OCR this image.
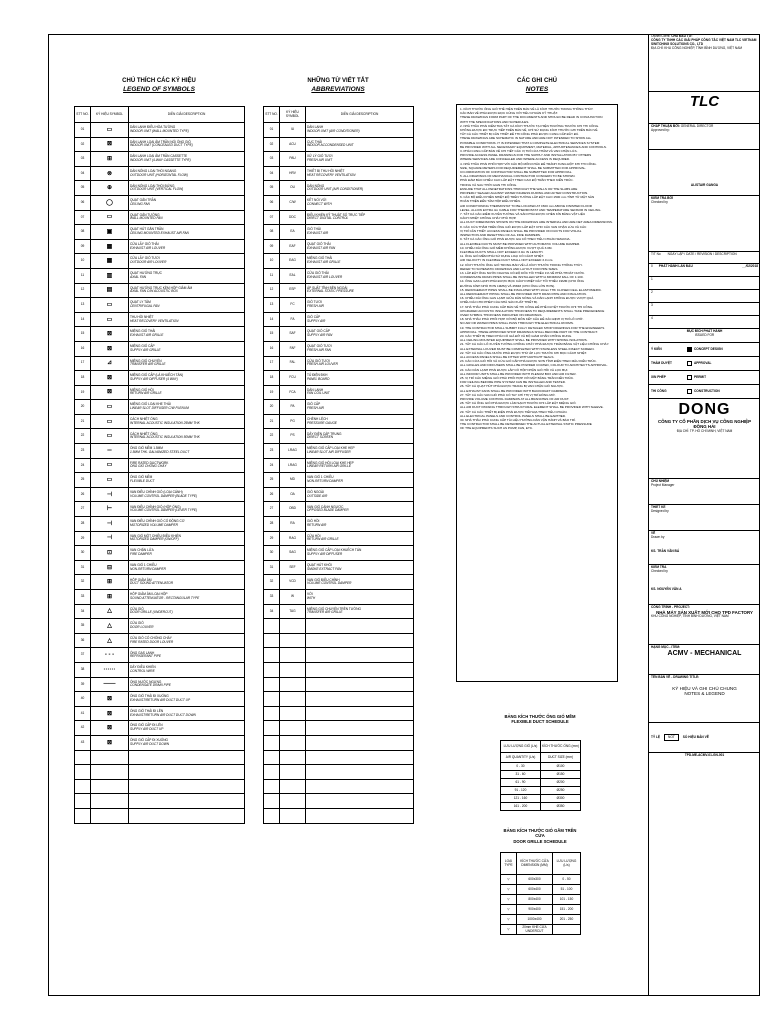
CHÚ THÍCH CÁC KÝ HIỆU
LEGEND OF SYMBOLS
STT NO.	KÝ HIỆU SYMBOL	DIỄN GIẢI DESCRIPTION
01	▭	DÀN LẠNH ĐIỀU HÒA TƯỜNG
INDOOR UNIT (WALL MOUNTED TYPE)

02	⊠	DÀN LẠNH LOẠI ÂM TRẦN NỐI ỐNG GIÓ
INDOOR UNIT (CONCEALED DUCT TYPE)

03	⊞	DÀN LẠNH LOẠI ÂM TRẦN CASSETTE
INDOOR UNIT (4-WAY CASSETTE TYPE)

04	⊗	DÀN NÓNG LOẠI THỔI NGANG
OUTDOOR UNIT (HORIZONTAL FLOW)

05	⊕	DÀN NÓNG LOẠI THỔI ĐỨNG
OUTDOOR UNIT (VERTICAL FLOW)

06	◯	QUẠT GẮN TRẦN
CEILING FAN

07	▭	QUẠT GẮN TƯỜNG
WALL MOUNTED FAN

08	▣	QUẠT HÚT GẮN TRẦN
CEILING MOUNTED EXHAUST AIR FAN

09	▦	CỬA LẤY GIÓ THẢI
EXHAUST AIR LOUVER

10	▦	CỬA LẤY GIÓ TƯƠI
OUTDOOR AIR LOUVER

11	▥	QUẠT HƯỚNG TRỤC
AXIAL FAN

12	▤	QUẠT HƯỚNG TRỤC KÈM HỘP GIẢM ÂM
AXIAL FAN C/W ACOUSTIC BOX

13	▭	QUẠT LY TÂM
CENTRIFUGAL FAN

14	▭	THU HỒI NHIỆT
HEAT RECOVERY VENTILATION

15	⊠	MIỆNG GIÓ THẢI
EXHAUST AIR GRILLE

16	⊠	MIỆNG GIÓ CẤP
SUPPLY AIR GRILLE

17	⊿	MIỆNG GIÓ CHUYỂN
TRANSFER AIR GRILLE

18	⊠	MIỆNG GIÓ CẤP (LÁ KHUẾCH TÁN)
SUPPLY AIR DIFFUSER (4 WAY)

19	⊠	MIỆNG GIÓ HỒI
RETURN AIR GRILLE

20	▭	MIỆNG GIÓ LOẠI KHE THẢI
LINEAR SLOT DIFFUSER C/W PLENUM

21	▭	CÁCH NHIỆT ỐNG
INTERNAL ACOUSTIC INSULATION 25MM THK

22	▭	CÁCH NHIỆT ỐNG
INTERNAL ACOUSTIC INSULATION 50MM THK

23	═	ỐNG GIÓ MỀM 1.5MM
1.5MM THK. GALVANIZED STEEL DUCT

24	▭	FIRE RATED DUCTWORK
ỐNG GIÓ CHỐNG CHÁY

25	▭	ỐNG GIÓ MỀM
FLEXIBLE DUCT

26	⊣	VAN ĐIỀU CHỈNH GIÓ (LOẠI CÁNH)
VOLUME CONTROL DAMPER (BLADE TYPE)

27	⊢	VAN ĐIỀU CHỈNH GIÓ (HỘP ỐNG)
VOLUME CONTROL DAMPER (LEVER TYPE)

28	⊣	VAN ĐIỀU CHỈNH GIÓ CÓ ĐỘNG CƠ
MOTORIZED VOLUME DAMPER

29	⊣	VAN GIÓ MỘT CHIỀU ĐIỀU KHIỂN
MOTORIZED DAMPER (ON/OFF)

30	⊡	VAN CHẶN LỬA
FIRE DAMPER

31	⊟	VAN GIÓ 1 CHIỀU
NON-RETURN DAMPER

32	⊞	HỘP GIẢM ÂM
DUCT SOUND ATTENUATOR

33	⊞	HỘP GIẢM ÂM LOẠI HỘP
SOUND ATTENUATOR - RECTANGULAR TYPE

34	△	CỬA GIÓ
DOOR GRILLE (UNDERCUT)

35	△	CỬA GIÓ
DOOR LOUVER

36	△	CỬA GIÓ CÓ CHỐNG CHÁY
FIRE RATED DOOR LOUVER

37	- - -	ỐNG GAS LẠNH
REFRIGERANT PIPE

38	······	DÂY ĐIỀU KHIỂN
CONTROL WIRE

39	——	ỐNG NƯỚC NGƯNG
CONDENSATE DRAIN PIPE

40	⊠	ỐNG GIÓ THẢI ĐI XUỐNG
EXHAUST/RETURN AIR DUCT DUCT UP

41	⊠	ỐNG GIÓ THẢI ĐI LÊN
EXHAUST/RETURN AIR DUCT DUCT DOWN

42	⊠	ỐNG GIÓ CẤP ĐI LÊN
SUPPLY AIR DUCT UP

43	⊠	ỐNG GIÓ CẤP ĐI XUỐNG
SUPPLY AIR DUCT DOWN

NHỮNG TỪ VIẾT TẮT
ABBREVIATIONS
STT NO.	KÝ HIỆU SYMBOL	DIỄN GIẢI DESCRIPTION
01	IU	DÀN LẠNH
INDOOR UNIT (AIR CONDITIONER)

02	ACU	CỤC THẢI
INDOOR ACCONDENSED UNIT

03	PAU	XỬ LÝ GIÓ TƯƠI
FRESH AIR UNIT

04	HRV	THIẾT BỊ THU HỒI NHIỆT
HEAT RECOVERY VENTILATION

05	OU	DÀN NÓNG
OUTDOOR UNIT (AIR CONDITIONER)

06	C/W	KẾT NỐI VỚI
CONNECT WITH

07	DDC	ĐIỀU KHIỂN KỸ THUẬT SỐ TRỰC TIẾP
DIRECT DIGITAL CONTROL

08	EA	GIÓ THẢI
EXHAUST AIR

09	EAF	QUẠT GIÓ THẢI
EXHAUST AIR FAN

10	EAG	MIỆNG GIÓ THẢI
EXHAUST AIR GRILLE

11	EAL	CỬA GIÓ THẢI
EXHAUST AIR LOUVER

12	ESP	ÁP SUẤT TĨNH BÊN NGOÀI
EXTERNAL STATIC PRESSURE

13	FC	GIÓ TƯƠI
FRESH AIR

14	FA	GIÓ CẤP
SUPPLY AIR

15	SAF	QUẠT GIÓ CẤP
SUPPLY AIR FAN

16	FAF	QUẠT GIÓ TƯƠI
FRESH AIR FAN

17	FAL	CỬA GIÓ TƯƠI
FRESH AIR LOUVER

18	FCU	TỦ ĐIỆN ĐKH
PANEL BOARD

19	FCA	DÀN LẠNH
FAN COIL UNIT

20	PA	GIÓ CẤP
FRESH AIR

21	PG	CHÊNH LỆCH
PRESSURE GAUGE

22	PS	DÂY ĐIỆN CÁP TRUNG
DIRECT SCREEN

23	LRAG	MIỆNG GIÓ CẤP LOẠI KHE HẸP
LINEAR SLOT AIR DIFFUSER

24	LRAG	MIỆNG GIÓ HỒI LOẠI KHE HẸP
LINEAR RETURN AIR GRILLE

25	MD	VAN GIÓ 1 CHIỀU
NON-RETURN DAMPER

26	OA	GIÓ NGOÀI
OUTSIDE AIR

27	OBD	VAN GIÓ CÁNH NGƯỢC
OPPOSED BLADE DAMPER

28	RA	GIÓ HỒI
RETURN AIR

29	RAG	CỬA HỒI
RETURN AIR GRILLE

30	SAG	MIỆNG GIÓ CẤP LOẠI KHUẾCH TÁN
SUPPLY AIR DIFFUSER

31	SEF	QUẠT HÚT KHÓI
SMOKE EXTRACT FAN

32	VCD	VAN GIÓ ĐIỀU CHỈNH
VOLUME CONTROL DAMPER

33	W	VỚI
WITH

34	TAG	MIỆNG GIÓ CHUYỂN TRÊN TƯỜNG
TRANSFER AIR GRILLE

CÁC GHI CHÚ
NOTES
1. KÍCH THƯỚC ỐNG GIÓ THỂ HIỆN TRÊN BẢN VẼ LÀ KÍCH THƯỚC TRONG THÔNG THỦY.
CÁC BẢN VẼ PHẢI ĐƯỢC ĐỌC CÙNG VỚI TIÊU CHUẨN KỸ THUẬT.
THESE DRAWINGS FORM PART OF THE DOCUMENTS AND SHOULD BE READ IN CONJUNCTION
WITH THE SPECIFICATIONS AND SCHEDULES.
2. NHÀ THẦU PHẢI KIỂM TRA TẤT CẢ KÍCH THƯỚC TẠI HIỆN TRƯỜNG TRƯỚC KHI THI CÔNG.
KHÔNG ĐƯỢC ĐO TRỰC TIẾP TRÊN BẢN VẼ, CHỈ SỬ DỤNG KÍCH THƯỚC GHI TRÊN BẢN VẼ.
TẤT CẢ CÁC THIẾT BỊ CẦN THIẾT ĐỂ THI CÔNG PHẢI ĐƯỢC CUNG CẤP ĐẦY ĐỦ.
THESE DRAWINGS ARE SCHEMATIC IN NATURE AND ARE NOT INTENDED TO SHOW ALL
POSSIBLE CONDITIONS. IT IS INTENDED THAT A COMPLETE ELECTRICAL SERVICES SYSTEM
BE PROVIDED WITH ALL NECESSARY EQUIPMENT, MATERIAL, APPURTENANCES AND CONTROLS.
3. PHẢI CUNG CẤP BẢN VẼ CHI TIẾT CÁC VỊ TRÍ CỬA THĂM VÀ VAN CHẶN LỬA.
PROVIDE ACCESS PANEL DRAWINGS FOR THE SUPPLY AND INSTALLATION BY OTHERS
WHERE SERVICES ARE CONCEALED AND WHERE ACCESS IS REQUIRED.
4. NHÀ THẦU PHẢI PHỐI HỢP VỚI CÁC BỘ MÔN KHÁC ĐỂ TRÁNH XUNG ĐỘT KHI THI CÔNG.
SIZE, SQUARE METERS FOR REQUIREMENT SHALL BE SUBMITTED FOR APPROVAL.
CO-ORDINATION OF CONTRACTOR SHALL BE SUBMITTED FOR APPROVAL.
5. ALL DRAWINGS OF MECHANICAL CONTRACTOR CONCERN TO BE SHOWN.
PHẢI ĐẢM BẢO CHIỀU CAO LẮP ĐẶT THEO CAO ĐỘ TRẦN THEO KIẾN TRÚC.
TRONG VÀ SAU THỜI GIAN THI CÔNG.
ENSURE THAT ALL PENETRATIONS THROUGH THE WALLS OR THE SLABS ARE
PROPERLY SEALED AGAINST WATER INGRESS DURING AND AFTER CONSTRUCTION.
6. CÁC BỘ ĐIỀU KHIỂN NHIỆT ĐỘ TRÊN TƯỜNG LẮP ĐẶT CAO 1500 mm TÍNH TỪ MẶT SÀN
HOÀN THIỆN ĐẾN TÂM HỘP ĐIỀU KHIỂN.
AIR CONDITIONING THERMOSTAT TO BE LOCATED AT 1500 mm ABOVE FINISHED FLOOR
LEVEL. ALLOW EXTRA 4m CABLE FOR THERMOSTAT AND TEMPERATURE SENSOR IN CEILING.
7. TẤT CẢ CÁC ĐIỂM XUYÊN TƯỜNG VÀ SÀN PHẢI ĐƯỢC CHÈN KÍN BẰNG VẬT LIỆU
CÁCH NHIỆT CHỐNG CHÁY PHÙ HỢP.
ALL DUCT DIMENSIONS SHOWN ON THE DRAWINGS ARE INTERNAL AND ARE NET AREA DIMENSIONS.
8. CÁC CỬA THĂM TRÊN ỐNG GIÓ ĐƯỢC LẮP ĐẶT CHO CÁC VAN CHẶN LỬA VÀ CÁC
VỊ TRÍ CẦN THIẾT. ACCESS PANELS SHALL BE PROVIDED ON DUCTS FOR VISUAL
INSPECTION AND RESETTING OF ALL FIRE DAMPERS.
9. TẤT CẢ CÁC ỐNG GIÓ PHẢI ĐƯỢC GIA CỐ THEO TIÊU CHUẨN SMACNA.
ALL FLEXIBLE DUCTS MUST BE PROVIDED WITH AUTOMATIC VOLUME DAMPER.
10. CHIỀU DÀI ỐNG GIÓ MỀM KHÔNG ĐƯỢC VƯỢT QUÁ 3.0M.
FLEXIBLE DUCTS SHALL NOT EXCEED 3.0m IN LENGTH.
11. ỐNG GIÓ MỀM PHẢI SỬ DỤNG LOẠI CÓ CÁCH NHIỆT.
AIR VELOCITY IN FLEXIBLE DUCT SHALL NOT EXCEED 3.0 m/s.
12. KÍCH THƯỚC ỐNG GIÓ TRONG BẢN VẼ LÀ KÍCH THƯỚC TRONG THÔNG THỦY.
REFER TO SCHEMATIC DRAWINGS AND LAYOUT FOR PIPE SIZES.
13. LẮP ĐẶT ỐNG NƯỚC NGƯNG CÓ ĐỘ DỐC TỐI THIỂU 1% VỀ PHÍA THOÁT NƯỚC.
CONDENSATE DRAIN PIPES SHALL BE INSTALLED WITH A MINIMUM FALL OF 1:100.
14. ỐNG GAS LẠNH PHẢI ĐƯỢC BỌC CÁCH NHIỆT DÀY TỐI THIỂU 19MM (CHO ỐNG
ĐƯỜNG KÍNH NHỎ HƠN 19MM) VÀ 25MM (CHO ỐNG LỚN HƠN).
15. REFRIGERANT PIPES SHALL BE INSULATED WITH 19mm THK CLOSED CELL ELASTOMERIC.
ALL REFRIGERANT PIPING SHALL BE PROVIDED WITH DRAIN PIPE AND INSULATION.
16. CHIỀU DÀI ỐNG GAS LẠNH GIỮA DÀN NÓNG VÀ DÀN LẠNH KHÔNG ĐƯỢC VƯỢT QUÁ
CHIỀU DÀI CHO PHÉP CỦA NHÀ SẢN XUẤT THIẾT BỊ.
17. NHÀ THẦU PHẢI CUNG CẤP BẢN VẼ THI CÔNG ĐỂ PHÊ DUYỆT TRƯỚC KHI THI CÔNG.
UPGRADED ACOUSTIC INSULATION THICKNESS TO REQUIREMENTS SHALL TAKE PRECEDENCE
OVER SYMBOL THICKNESS INDICATED ON DRAWINGS.
18. NHÀ THẦU PHẢI PHỐI HỢP VỚI BỘ MÔN KẾT CẤU ĐỂ XÁC ĐỊNH VỊ TRÍ LỖ CHỜ.
NO AIR OR WATER PIPES SHALL PASS THROUGH THE ELECTRICAL ROOMS.
19. THE CONTRACTOR SHALL SUBMIT FULLY DETAILED SHOP DRAWINGS FOR THE ENGINEER'S
APPROVAL. THESE APPROVED SHOP DRAWINGS SHALL BECOME PART OF THE CONTRACT.
20. CÁC THIẾT BỊ TREO PHẢI CÓ GIÁ ĐỠ VÀ BỘ GIẢM CHẤN CHỐNG RUNG.
ALL CEILING MOUNTED EQUIPMENT SHALL BE PROVIDED WITH SPRING ISOLATORS.
21. TẤT CẢ CÁC LỖ XUYÊN TƯỜNG CHỐNG CHÁY PHẢI ĐƯỢC TRÁM BẰNG VẬT LIỆU CHỐNG CHÁY.
ALL EXTERNAL LOUVER MUST BE COMPLETED WITH STAINLESS STEEL INSECT SCREEN.
22. TẤT CẢ CÁC ỐNG NƯỚC PHẢI ĐƯỢC THỬ ÁP LỰC TRƯỚC KHI BỌC CÁCH NHIỆT.
ALL ACCESS PANELS SHALL BE FITTED WITH AIRTIGHT SEALS.
23. CÁC CỬA GIÓ HỒI VÀ CỬA GIÓ CẤP PHẢI ĐƯỢC SƠN TĨNH ĐIỆN THEO MÀU KIẾN TRÚC.
ALL GRILLES AND DIFFUSERS SHALL BE POWDER COATED, COLOUR TO ARCHITECT'S APPROVAL.
24. CÁC DÀN LẠNH PHẢI ĐƯỢC LẮP CÓ HỘP NHẬN GIÓ HỒI VÀ LỌC BỤI.
ALL INDOOR UNITS SHALL BE PROVIDED WITH PLENUM BOX AND AIR FILTER.
25. VỊ TRÍ CÁC MIỆNG GIÓ PHẢI PHỐI HỢP VỚI MẶT BẰNG TRẦN KIẾN TRÚC.
FOR CEILING BEFORE PIPE SYSTEM CAN BE INSTALLED AND TESTED.
26. TẤT CẢ QUẠT HÚT PHẢI ĐƯỢC TRANG BỊ VAN CHẶN GIÓ NGƯỢC.
ALL EXHAUST FANS SHALL BE PROVIDED WITH BACKDRAFT DAMPERS.
27. TẤT CẢ CÁC VAN GIÓ PHẢI CÓ TAY CHỈ THỊ VỊ TRÍ ĐÓNG MỞ.
PROVIDE VOLUME CONTROL DAMPERS AT ALL BRANCHES OF AIR DUCT.
28. TẤT CẢ ỐNG GIÓ PHẢI ĐƯỢC LÀM SẠCH TRƯỚC KHI LẮP ĐẶT MIỆNG GIÓ.
ALL AIR DUCT PASSING THROUGH STRUCTURAL ELEMENT SHALL BE PROVIDED WITH SLEEVE.
29. TẤT CẢ CÁC THIẾT BỊ ĐIỆN PHẢI ĐƯỢC TIẾP ĐỊA THEO TIÊU CHUẨN.
ALL ELECTRICAL PANELS AND CONTROL PANELS SHALL BE EARTHED.
30. NHÀ THẦU PHẢI CUNG CẤP TÀI LIỆU HƯỚNG DẪN VẬN HÀNH VÀ BẢO TRÌ.
THE CONTRACTOR SHALL BE DETERMINED THE ACTUAL EXTERNAL STATIC PRESSURE
OF THE EQUIPMENTS SUCH AS PUMP, FAN, ETC.
BẢNG KÍCH THƯỚC ỐNG GIÓ MỀM
FLEXIBLE DUCT SCHEDULE
LƯU LƯỢNG GIÓ (L/s)	KÍCH THƯỚC ỐNG (mm)
AIR QUANTITY (L/s)	DUCT SIZE (mm)
0 - 30	Ø100
31 - 60	Ø150
61 - 90	Ø200
91 - 120	Ø250
121 - 160	Ø300
161 - 200	Ø350
BẢNG KÍCH THƯỚC GIÓ GẦM TRÊN CỬA
DOOR GRILLE SCHEDULE
LOẠI TYPE	KÍCH THƯỚC CỬA DIMENSION (MM)	LƯU LƯỢNG (L/s)
▽	600x300	0 - 50
▽	600x400	51 - 100
▽	800x400	101 - 150
▽	900x400	151 - 200
▽	1000x400	201 - 250
▽	20mm KHE CỬA UNDERCUT	
Owner/Client: CHỦ ĐẦU TƯ:
CÔNG TY TNHH CÁC GIẢI PHÁP CÔNG TẮC VIỆT NAM TLC VIETNAM SWITCHING SOLUTIONS CO., LTD
ĐỊA CHỈ: KHU CÔNG NGHIỆP, TỈNH BÌNH DƯƠNG, VIỆT NAM
TLC
CHẤP THUẬN BỞI: GENERAL DIRECTOR
Approved by:
ALISTAIR GANGA
KIỂM TRA BỞI
Checked by
T/T No NGÀY LẬP / DATE / REVISION / DESCRIPTION
0 PHÁT HÀNH LẦN ĐẦU	__/02/2018
1
2
3
4
MỤC ĐÍCH PHÁT HÀNH
ISSUED FOR
Ý KIẾN	CONCEPT DESIGN
THẨM DUYỆT	APPROVAL
XIN PHÉP	PERMIT
THI CÔNG	CONSTRUCTION
DONG
CÔNG TY CỔ PHẦN DỊCH VỤ CÔNG NGHIỆP ĐÔNG HẢI
ĐỊA CHỈ: TP. HỒ CHÍ MINH, VIỆT NAM
CHỦ NHIỆM
Project Manager
THIẾT KẾ
Designed by
VẼ
Drawn by
KS. TRẦN VĂN BÁ
KIỂM TRA
Checked by
KS. NGUYỄN VĂN A
CÔNG TRÌNH - PROJECT:
NHÀ MÁY SẢN XUẤT MỚI CHO TPD FACTORY
KHU CÔNG NGHIỆP, TỈNH BÌNH DƯƠNG, VIỆT NAM
HẠNG MỤC - ITEM:
ACMV - MECHANICAL
TÊN BẢN VẼ - DRAWING TITLE:
KÝ HIỆU VÀ GHI CHÚ CHUNG
NOTES & LEGEND
TỶ LỆ	NOT	SỐ HIỆU BẢN VẼ
TPD-ME-ACMV-01-GN-001
